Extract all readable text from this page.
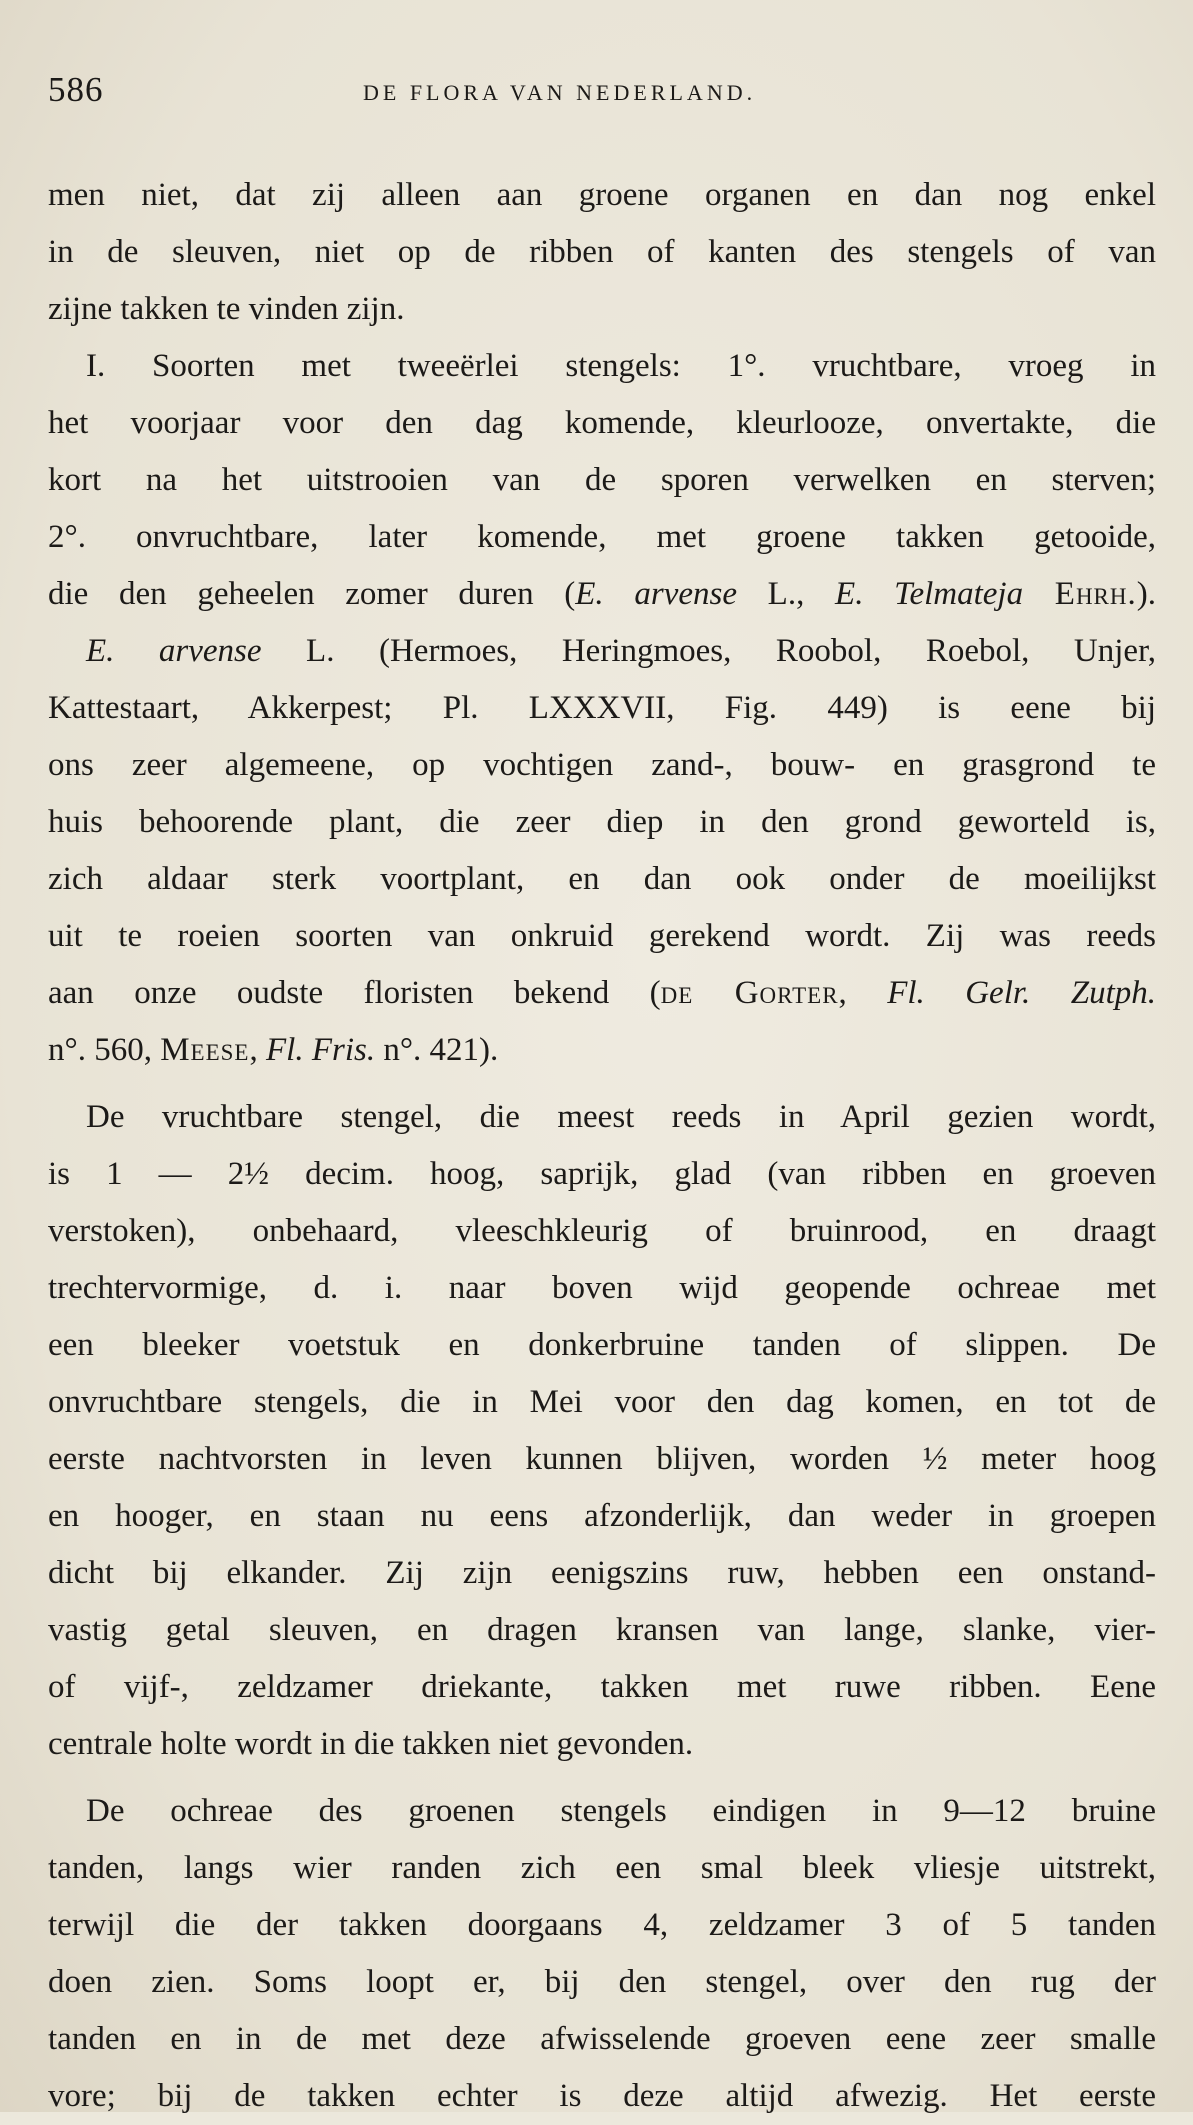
586	DE FLORA VAN NEDERLAND.
men niet, dat zij alleen aan groene organen en dan nog enkel
in de sleuven, niet op de ribben of kanten des stengels of van
zijne takken te vinden zijn.
I. Soorten met tweeërlei stengels: 1°. vruchtbare, vroeg in
het voorjaar voor den dag komende, kleurlooze, onvertakte, die
kort na het uitstrooien van de sporen verwelken en sterven;
2°. onvruchtbare, later komende, met groene takken getooide,
die den geheelen zomer duren (E. arvense L., E. Telmateja Ehrh.).
E. arvense L. (Hermoes, Heringmoes, Roobol, Roebol, Unjer,
Kattestaart, Akkerpest; Pl. LXXXVII, Fig. 449) is eene bij
ons zeer algemeene, op vochtigen zand-, bouw- en grasgrond te
huis behoorende plant, die zeer diep in den grond geworteld is,
zich aldaar sterk voortplant, en dan ook onder de moeilijkst
uit te roeien soorten van onkruid gerekend wordt. Zij was reeds
aan onze oudste floristen bekend (de Gorter, Fl. Gelr. Zutph.
n°. 560, Meese, Fl. Fris. n°. 421).
De vruchtbare stengel, die meest reeds in April gezien wordt,
is 1 — 2½ decim. hoog, saprijk, glad (van ribben en groeven
verstoken), onbehaard, vleeschkleurig of bruinrood, en draagt
trechtervormige, d. i. naar boven wijd geopende ochreae met
een bleeker voetstuk en donkerbruine tanden of slippen. De
onvruchtbare stengels, die in Mei voor den dag komen, en tot de
eerste nachtvorsten in leven kunnen blijven, worden ½ meter hoog
en hooger, en staan nu eens afzonderlijk, dan weder in groepen
dicht bij elkander. Zij zijn eenigszins ruw, hebben een onstand-
vastig getal sleuven, en dragen kransen van lange, slanke, vier-
of vijf-, zeldzamer driekante, takken met ruwe ribben. Eene
centrale holte wordt in die takken niet gevonden.
De ochreae des groenen stengels eindigen in 9—12 bruine
tanden, langs wier randen zich een smal bleek vliesje uitstrekt,
terwijl die der takken doorgaans 4, zeldzamer 3 of 5 tanden
doen zien. Soms loopt er, bij den stengel, over den rug der
tanden en in de met deze afwisselende groeven eene zeer smalle
vore; bij de takken echter is deze altijd afwezig. Het eerste
